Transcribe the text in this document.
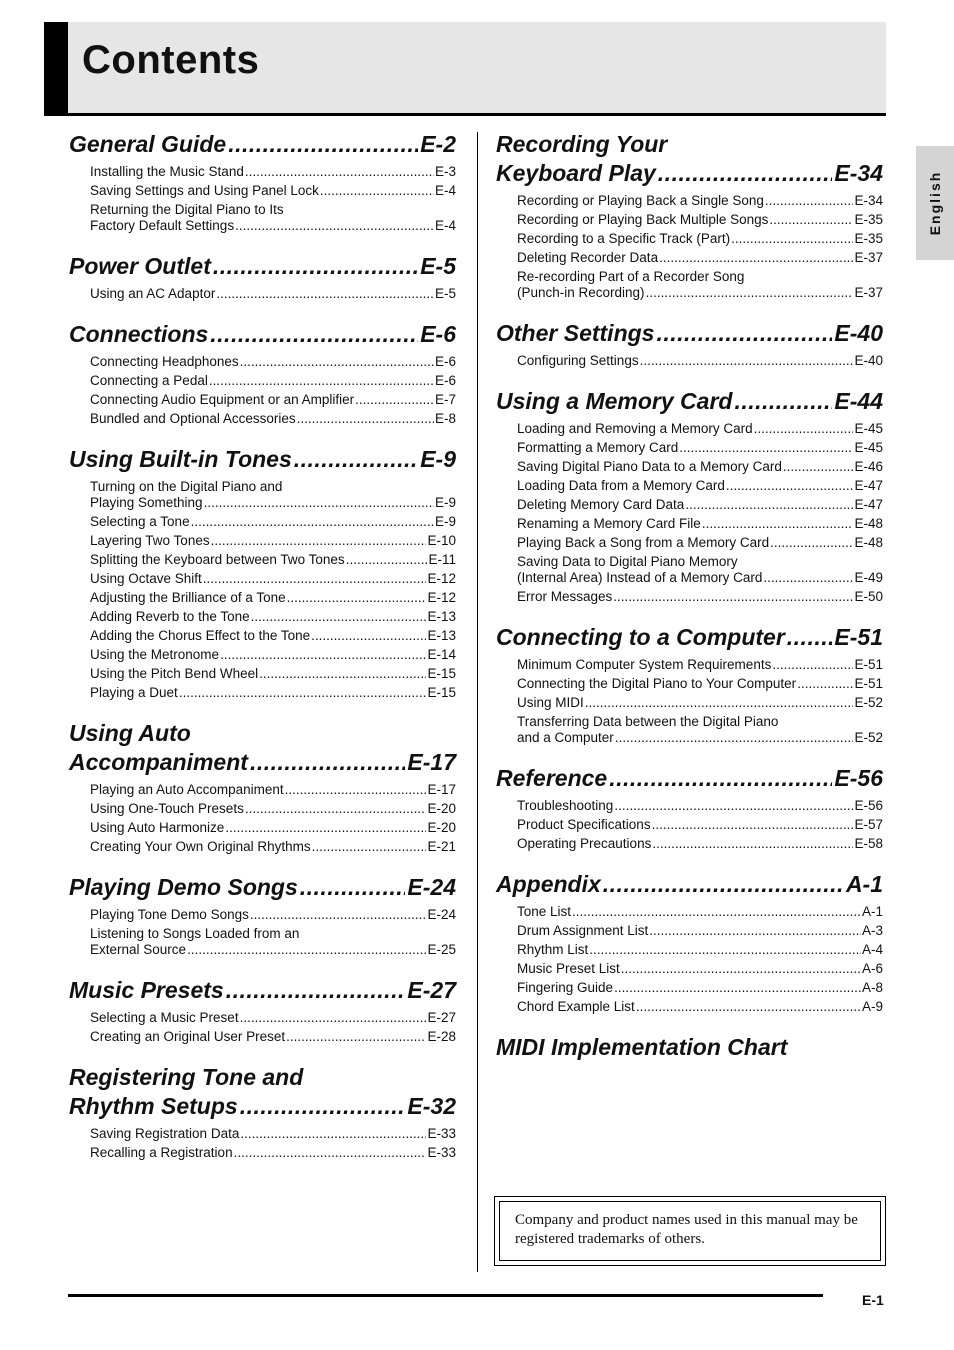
Contents
English
General Guide .....	E-2
Installing the Music Stand .....	E-3
Saving Settings and Using Panel Lock .....	E-4
Returning the Digital Piano to Its
Factory Default Settings .....	E-4
Power Outlet .....	E-5
Using an AC Adaptor .....	E-5
Connections .....	E-6
Connecting Headphones .....	E-6
Connecting a Pedal .....	E-6
Connecting Audio Equipment or an Amplifier .....	E-7
Bundled and Optional Accessories .....	E-8
Using Built-in Tones .....	E-9
Turning on the Digital Piano and
Playing Something .....	E-9
Selecting a Tone .....	E-9
Layering Two Tones .....	E-10
Splitting the Keyboard between Two Tones .....	E-11
Using Octave Shift .....	E-12
Adjusting the Brilliance of a Tone .....	E-12
Adding Reverb to the Tone .....	E-13
Adding the Chorus Effect to the Tone .....	E-13
Using the Metronome .....	E-14
Using the Pitch Bend Wheel .....	E-15
Playing a Duet .....	E-15
Using Auto
Accompaniment .....	E-17
Playing an Auto Accompaniment .....	E-17
Using One-Touch Presets .....	E-20
Using Auto Harmonize .....	E-20
Creating Your Own Original Rhythms .....	E-21
Playing Demo Songs .....	E-24
Playing Tone Demo Songs .....	E-24
Listening to Songs Loaded from an
External Source .....	E-25
Music Presets .....	E-27
Selecting a Music Preset .....	E-27
Creating an Original User Preset .....	E-28
Registering Tone and
Rhythm Setups .....	E-32
Saving Registration Data .....	E-33
Recalling a Registration .....	E-33
Recording Your
Keyboard Play .....	E-34
Recording or Playing Back a Single Song .....	E-34
Recording or Playing Back Multiple Songs .....	E-35
Recording to a Specific Track (Part) .....	E-35
Deleting Recorder Data .....	E-37
Re-recording Part of a Recorder Song
(Punch-in Recording) .....	E-37
Other Settings .....	E-40
Configuring Settings .....	E-40
Using a Memory Card .....	E-44
Loading and Removing a Memory Card .....	E-45
Formatting a Memory Card .....	E-45
Saving Digital Piano Data to a Memory Card .....	E-46
Loading Data from a Memory Card .....	E-47
Deleting Memory Card Data .....	E-47
Renaming a Memory Card File .....	E-48
Playing Back a Song from a Memory Card .....	E-48
Saving Data to Digital Piano Memory
(Internal Area) Instead of a Memory Card .....	E-49
Error Messages .....	E-50
Connecting to a Computer ..... E-51
Minimum Computer System Requirements .....	E-51
Connecting the Digital Piano to Your Computer .....	E-51
Using MIDI .....	E-52
Transferring Data between the Digital Piano
and a Computer .....	E-52
Reference .....	E-56
Troubleshooting .....	E-56
Product Specifications .....	E-57
Operating Precautions .....	E-58
Appendix .....	A-1
Tone List .....	A-1
Drum Assignment List .....	A-3
Rhythm List .....	A-4
Music Preset List .....	A-6
Fingering Guide .....	A-8
Chord Example List .....	A-9
MIDI Implementation Chart

Company and product names used in this manual may be registered trademarks of others.

E-1
